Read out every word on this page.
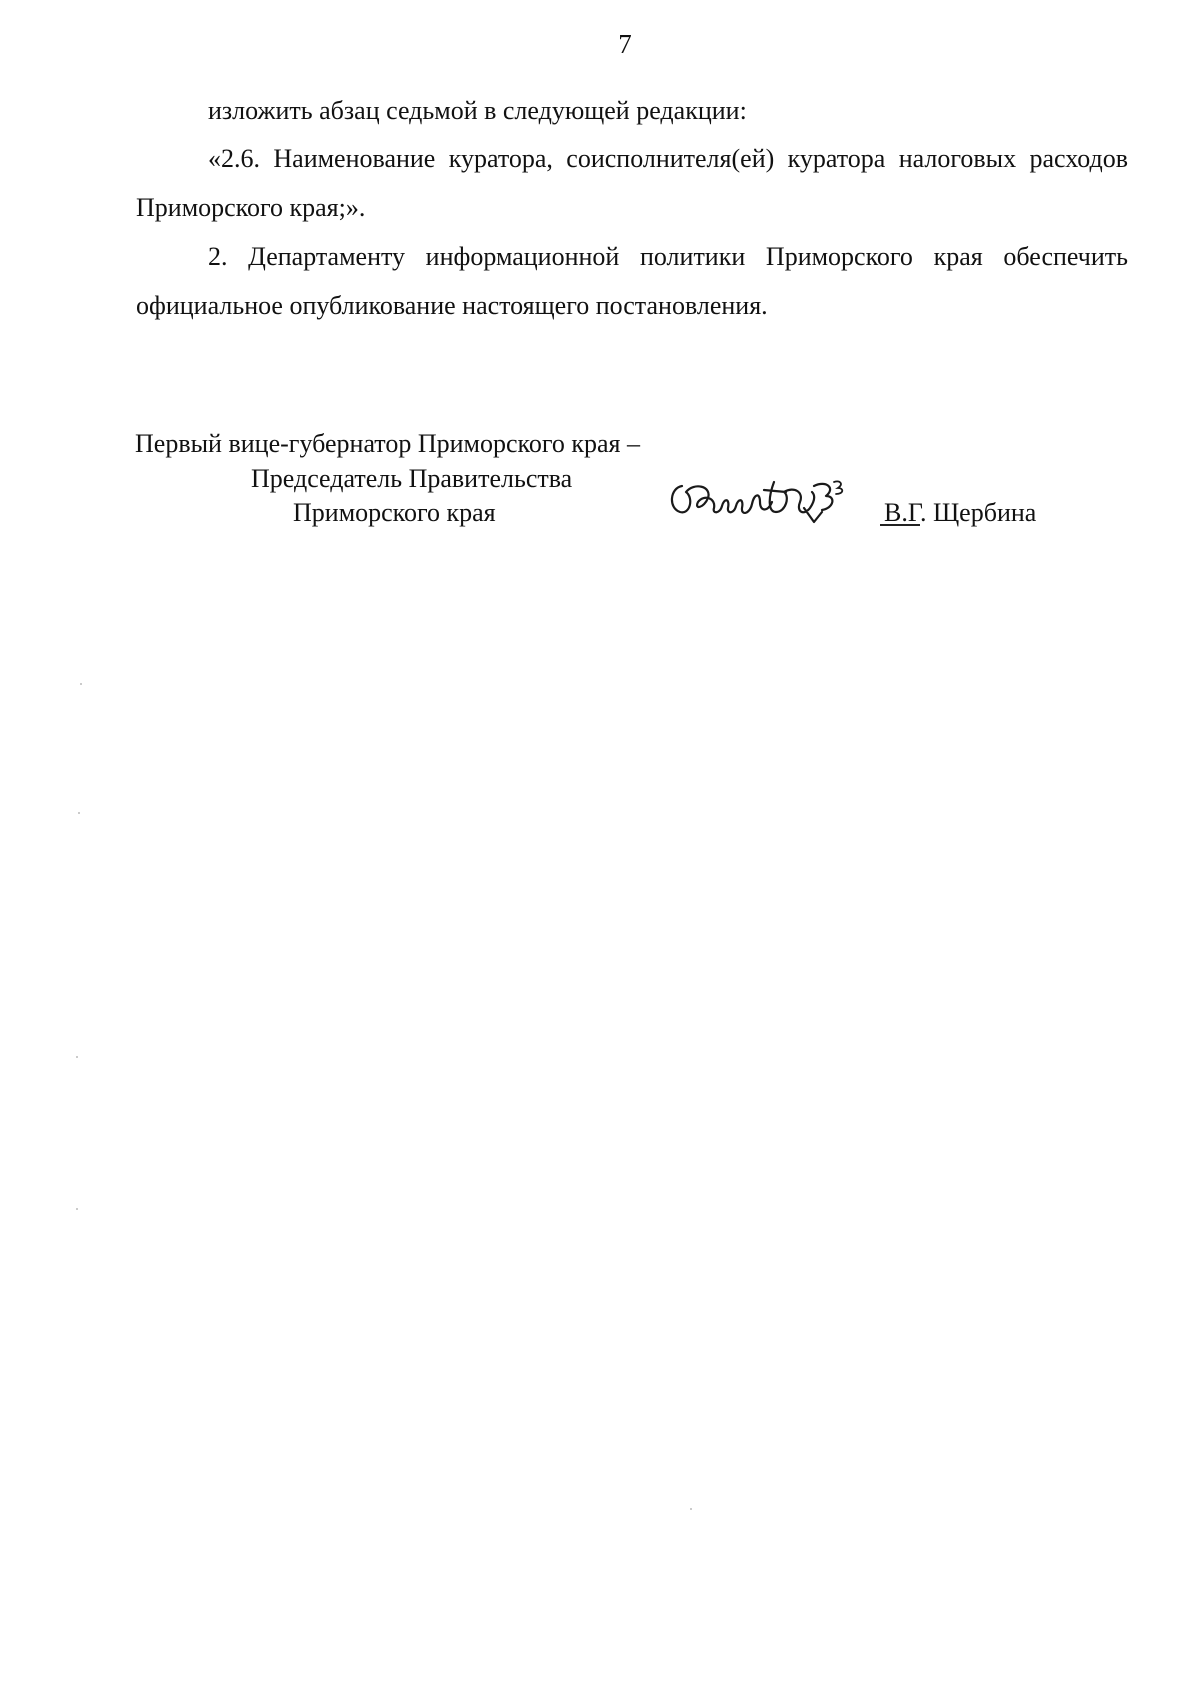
7

изложить абзац седьмой в следующей редакции:

«2.6. Наименование куратора, соисполнителя(ей) куратора налоговых расходов Приморского края;».

2. Департаменту информационной политики Приморского края обеспечить официальное опубликование настоящего постановления.

Первый вице-губернатор Приморского края –
Председатель Правительства
Приморского края	В.Г. Щербина
